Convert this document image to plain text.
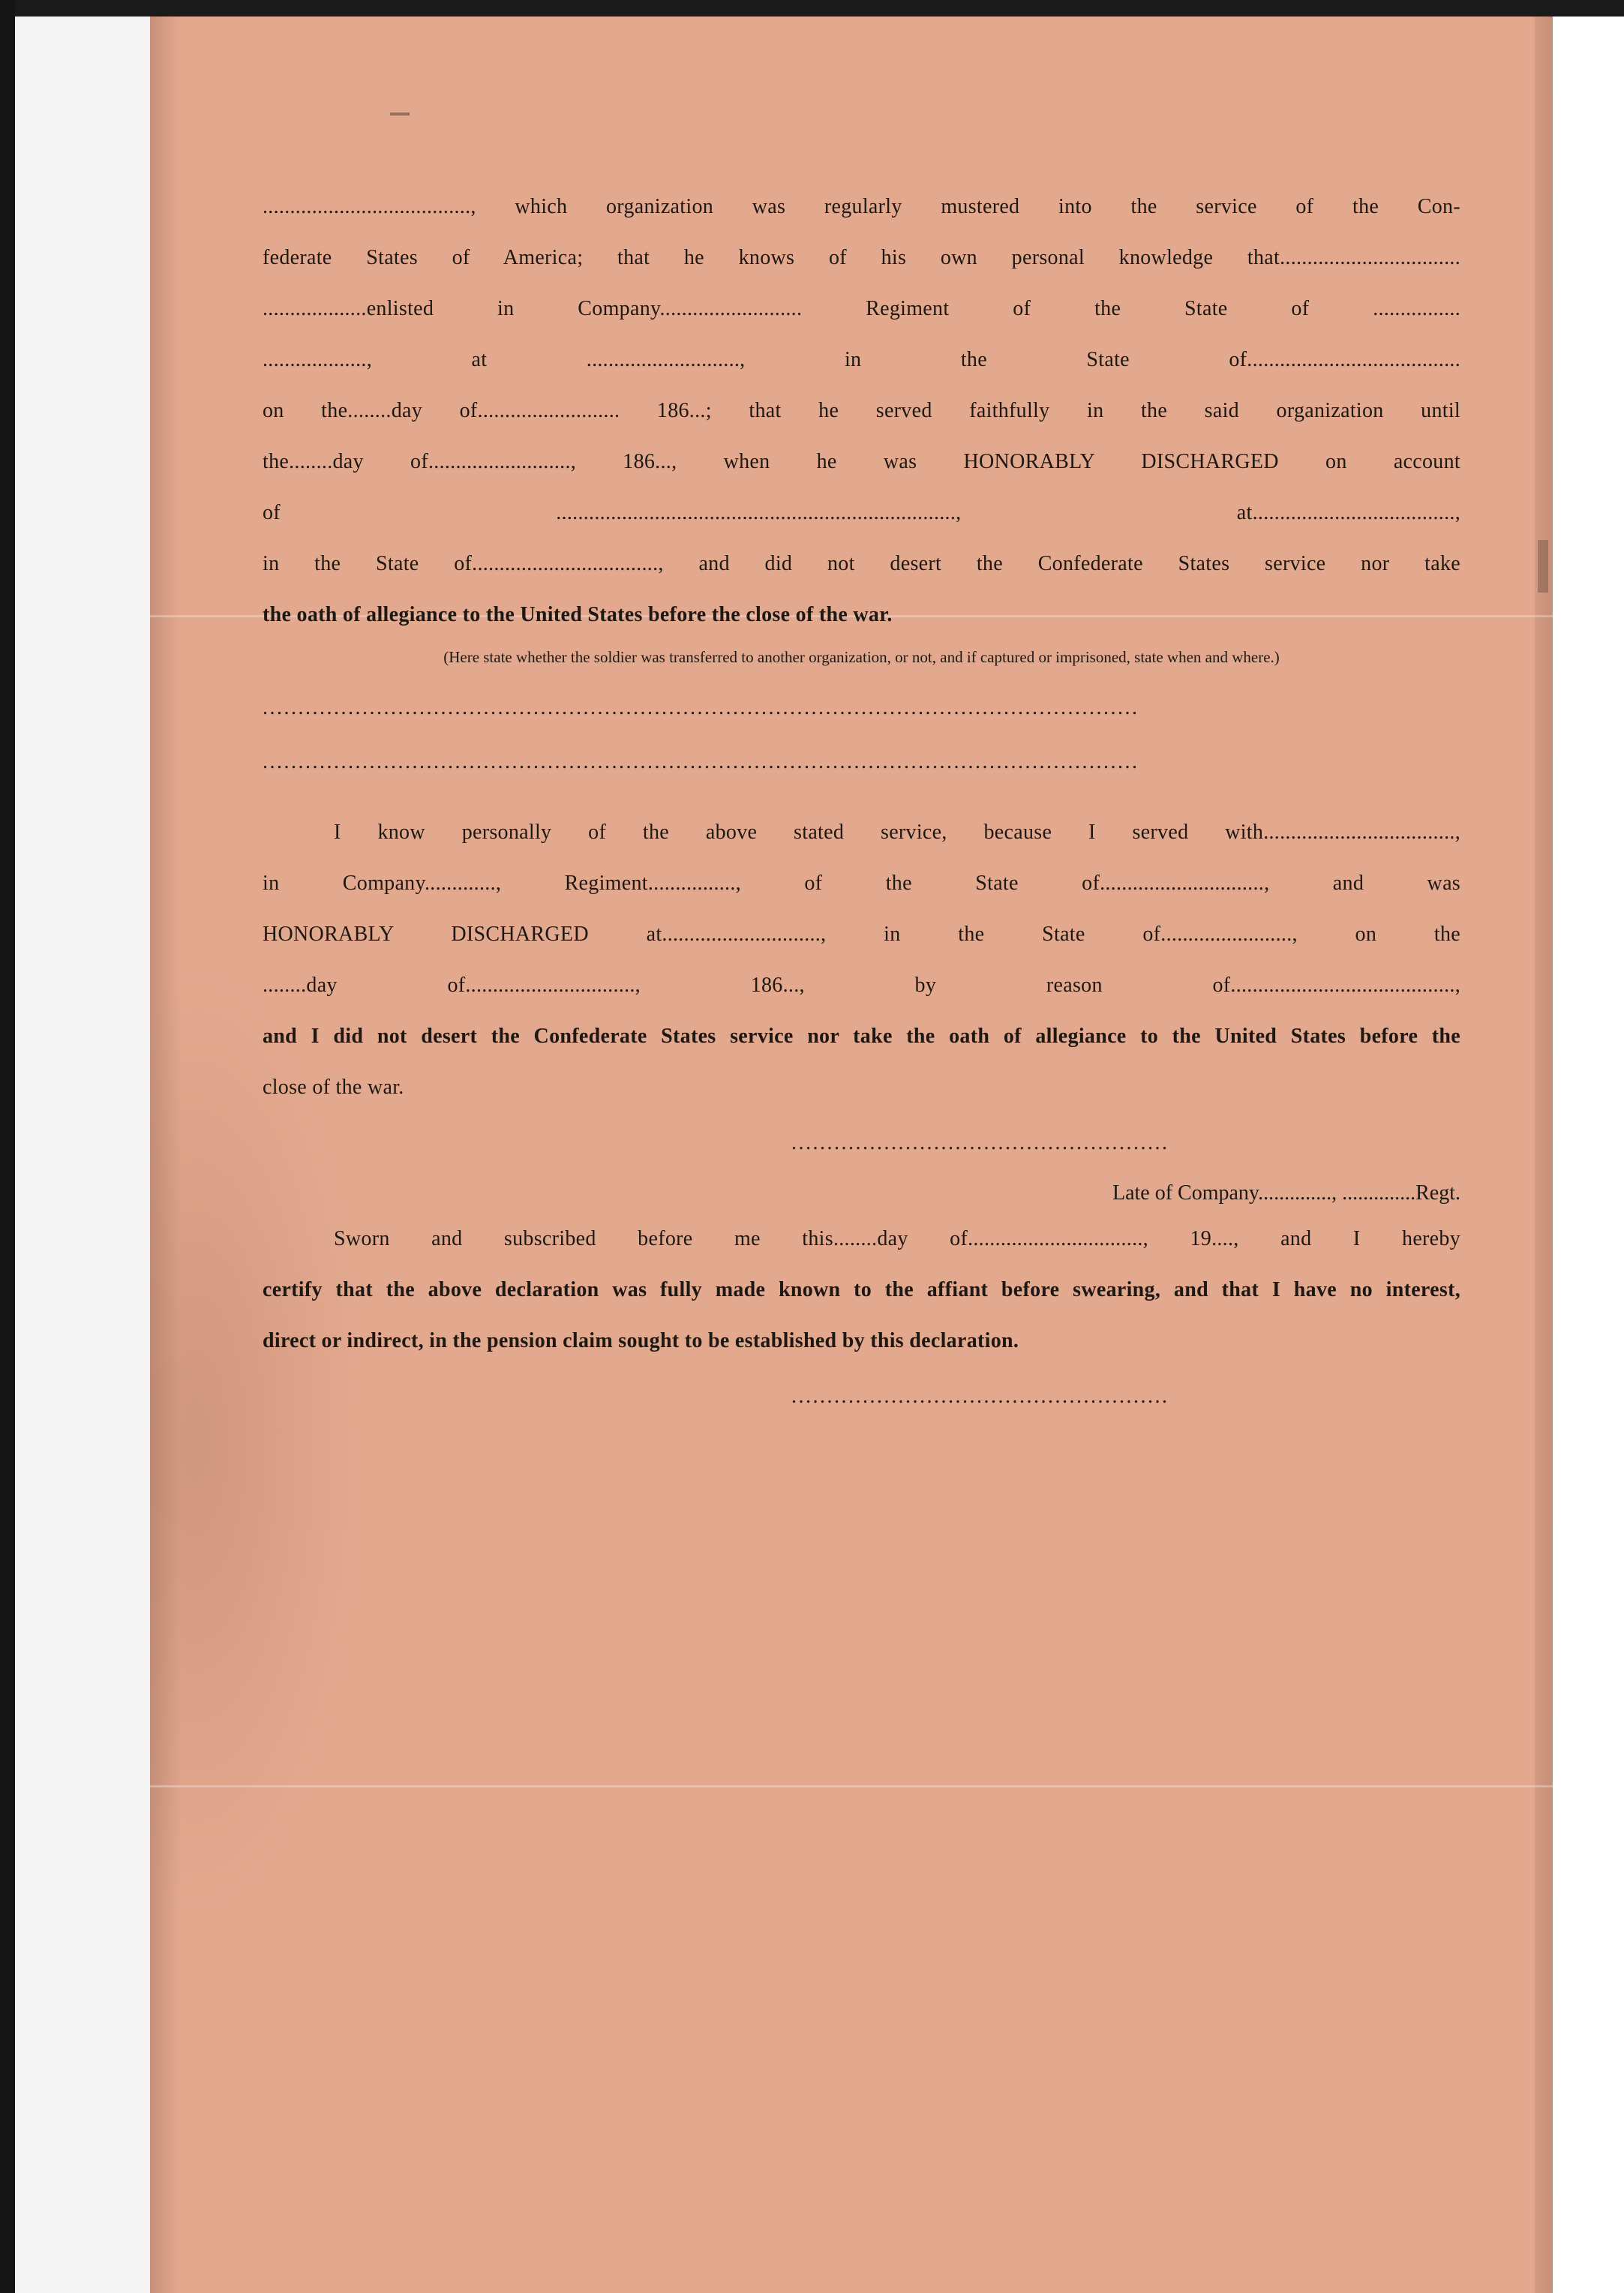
......................................, which organization was regularly mustered into the service of the Con-
federate States of America; that he knows of his own personal knowledge that.................................
...................enlisted in Company.......................... Regiment of the State of ................
..................., at ............................, in the State of.......................................
on the........day of.......................... 186...; that he served faithfully in the said organization until
the........day of.........................., 186..., when he was HONORABLY DISCHARGED on account
of ........................................................................., at.....................................,
in the State of.................................., and did not desert the Confederate States service nor take
the oath of allegiance to the United States before the close of the war.
(Here state whether the soldier was transferred to another organization, or not, and if captured or imprisoned, state when and where.)
...........................................................................................................................
...........................................................................................................................
I know personally of the above stated service, because I served with...................................,
in Company............., Regiment................, of the State of.............................., and was
HONORABLY DISCHARGED at............................., in the State of........................, on the
........day of..............................., 186..., by reason of.........................................,
and I did not desert the Confederate States service nor take the oath of allegiance to the United States before the
close of the war.
.....................................................
Late of Company.............., ..............Regt.
Sworn and subscribed before me this........day of................................, 19...., and I hereby
certify that the above declaration was fully made known to the affiant before swearing, and that I have no interest,
direct or indirect, in the pension claim sought to be established by this declaration.
.....................................................
